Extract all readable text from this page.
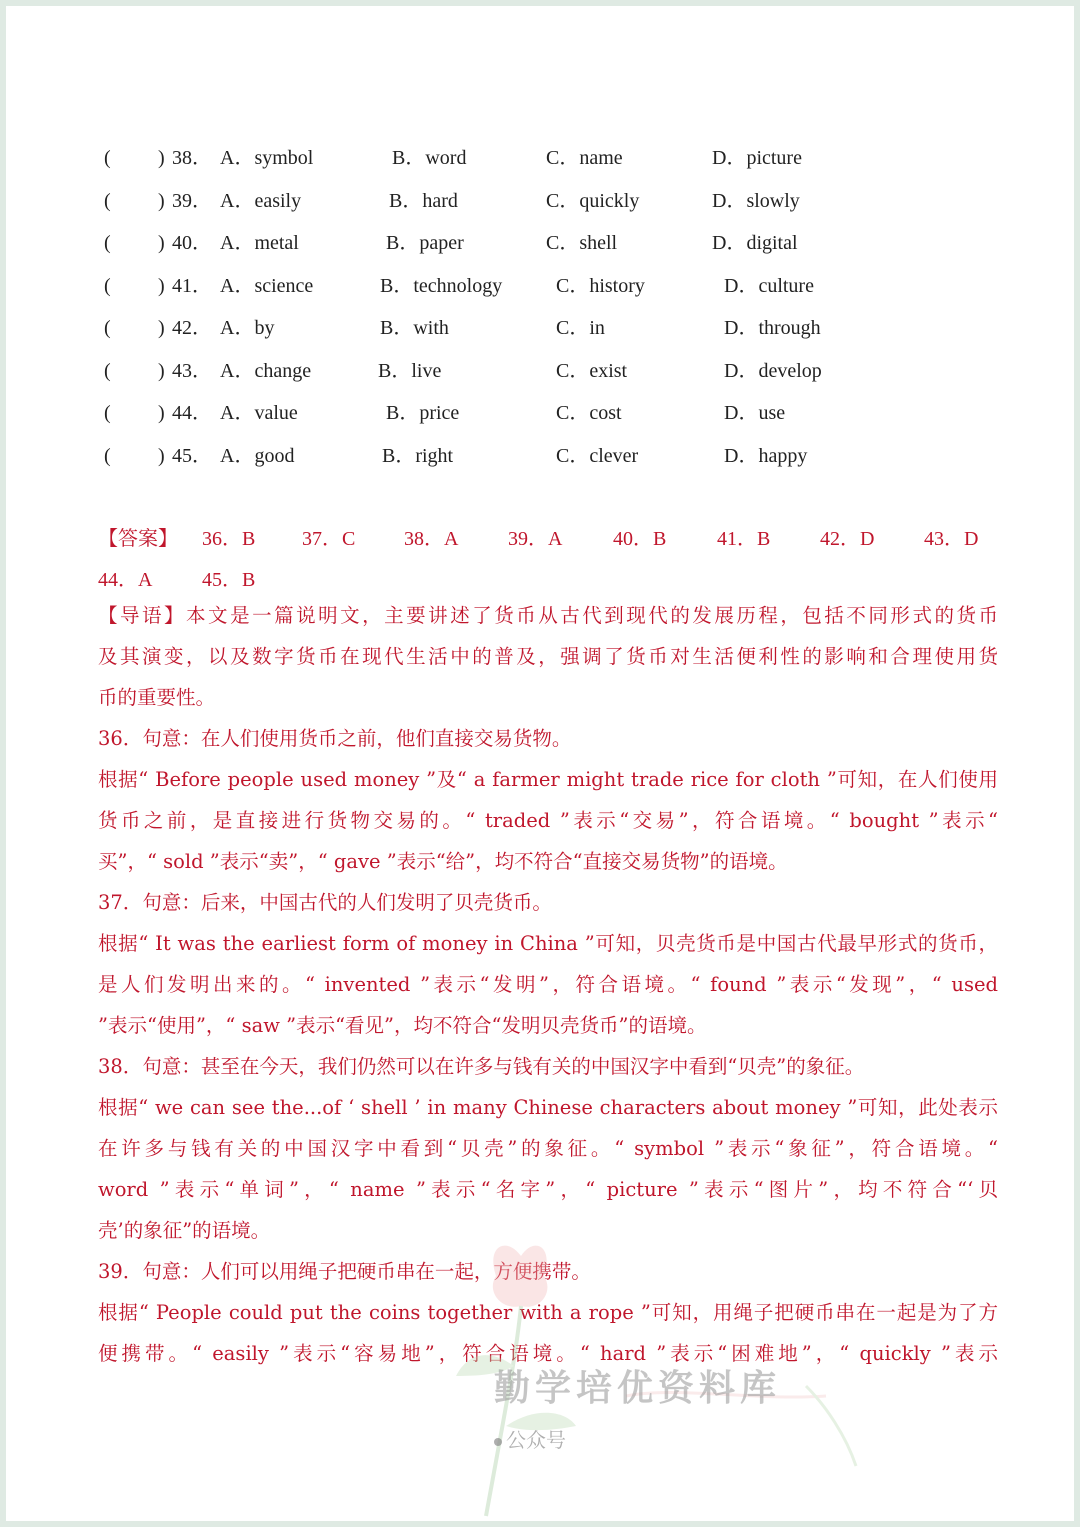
( ) 38． A．symbol	B．word	C．name	D．picture
( ) 39． A．easily	B．hard	C．quickly	D．slowly
( ) 40． A．metal	B．paper	C．shell	D．digital
( ) 41． A．science	B．technology	C．history	D．culture
( ) 42． A．by	B．with	C．in	D．through
( ) 43． A．change	B．live	C．exist	D．develop
( ) 44． A．value	B．price	C．cost	D．use
( ) 45． A．good	B．right	C．clever	D．happy
【答案】 36．B 37．C 38．A 39．A	40．B	41．B 42．D 43．D
44．A 45．B
【导语】本文是一篇说明文，主要讲述了货币从古代到现代的发展历程，包括不同形式的货币
及其演变，以及数字货币在现代生活中的普及，强调了货币对生活便利性的影响和合理使用货
币的重要性。
36．句意：在人们使用货币之前，他们直接交易货物。
根据“ Before people used money ”及“ a farmer might trade rice for cloth ”可知，在人们使用
货币之前，是直接进行货物交易的。“ traded ”表示“交易”，符合语境。“ bought ”表示“
买”，“ sold ”表示“卖”，“ gave ”表示“给”，均不符合“直接交易货物”的语境。
37．句意：后来，中国古代的人们发明了贝壳货币。
根据“ It was the earliest form of money in China ”可知，贝壳货币是中国古代最早形式的货币，
是人们发明出来的。“ invented ”表示“发明”，符合语境。“ found ”表示“发现”，“ used
”表示“使用”，“ saw ”表示“看见”，均不符合“发明贝壳货币”的语境。
38．句意：甚至在今天，我们仍然可以在许多与钱有关的中国汉字中看到“贝壳”的象征。
根据“ we can see the...of ‘ shell ’ in many Chinese characters about money ”可知，此处表示
在许多与钱有关的中国汉字中看到“贝壳”的象征。“ symbol ”表示“象征”，符合语境。“
word ”表示“单词”，“ name ”表示“名字”，“ picture ”表示“图片”，均不符合“‘贝
壳’的象征”的语境。
39．句意：人们可以用绳子把硬币串在一起，方便携带。
根据“ People could put the coins together with a rope ”可知，用绳子把硬币串在一起是为了方
便携带。“ easily ”表示“容易地”，符合语境。“ hard ”表示“困难地”，“ quickly ”表示
勤学培优资料库
公众号
